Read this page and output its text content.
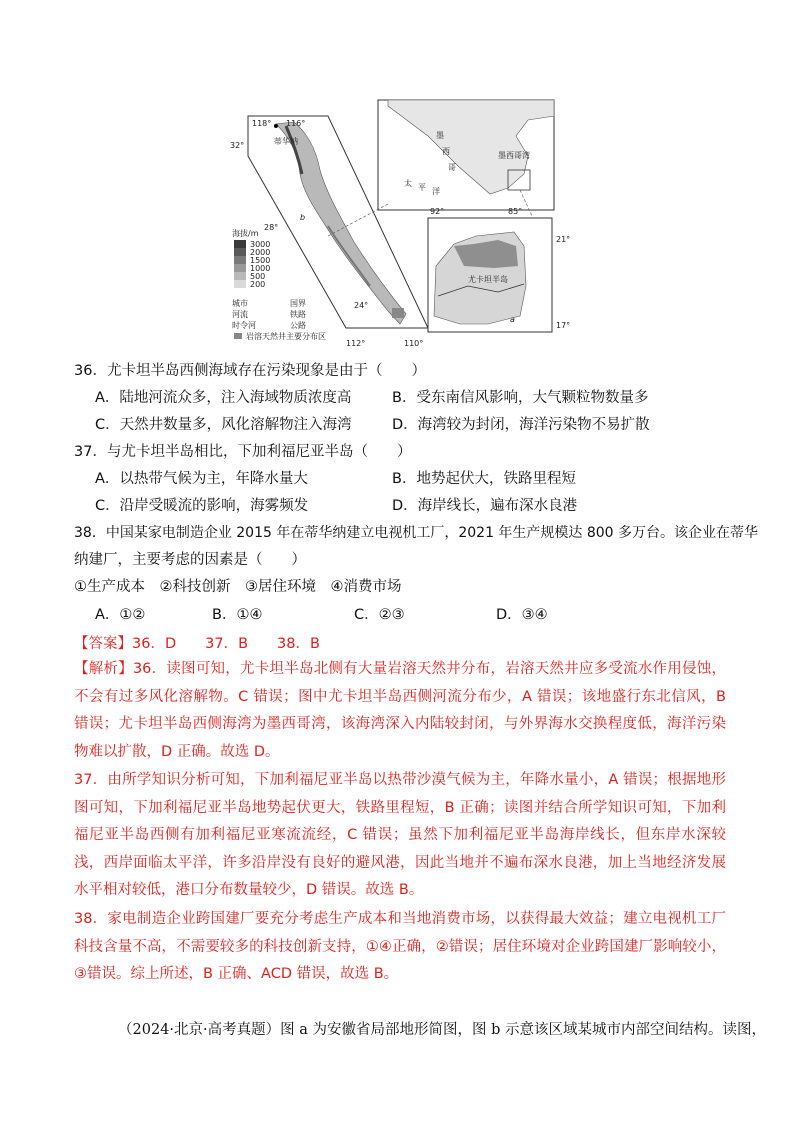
118° 116°
112°	110°
32°
28°
24°
蒂华纳
b
海拔/m
3000
2000
1500
1000
500
200
城市
河流
时令河
国界
铁路
公路
岩溶天然井主要分布区
墨
西
哥
墨西哥湾
太 平 洋
92°	85°
21°
17°
尤卡坦半岛
a
36．尤卡坦半岛西侧海域存在污染现象是由于（　　）
A．陆地河流众多，注入海域物质浓度高	B．受东南信风影响，大气颗粒物数量多
C．天然井数量多，风化溶解物注入海湾	D．海湾较为封闭，海洋污染物不易扩散
37．与尤卡坦半岛相比，下加利福尼亚半岛（　　）
A．以热带气候为主，年降水量大	B．地势起伏大，铁路里程短
C．沿岸受暖流的影响，海雾频发	D．海岸线长，遍布深水良港
38．中国某家电制造企业 2015 年在蒂华纳建立电视机工厂，2021 年生产规模达 800 多万台。该企业在蒂华
纳建厂，主要考虑的因素是（　　）
①生产成本　②科技创新　③居住环境　④消费市场
A．①②	B．①④	C．②③	D．③④
【答案】36．D　　37．B　　38．B
【解析】36．读图可知，尤卡坦半岛北侧有大量岩溶天然井分布，岩溶天然井应多受流水作用侵蚀，不会有过多风化溶解物。C 错误；图中尤卡坦半岛西侧河流分布少，A 错误；该地盛行东北信风，B 错误；尤卡坦半岛西侧海湾为墨西哥湾，该海湾深入内陆较封闭，与外界海水交换程度低，海洋污染物难以扩散，D 正确。故选 D。
37．由所学知识分析可知，下加利福尼亚半岛以热带沙漠气候为主，年降水量小，A 错误；根据地形图可知，下加利福尼亚半岛地势起伏更大，铁路里程短，B 正确；读图并结合所学知识可知，下加利福尼亚半岛西侧有加利福尼亚寒流流经，C 错误；虽然下加利福尼亚半岛海岸线长，但东岸水深较浅，西岸面临太平洋，许多沿岸没有良好的避风港，因此当地并不遍布深水良港，加上当地经济发展水平相对较低，港口分布数量较少，D 错误。故选 B。
38．家电制造企业跨国建厂要充分考虑生产成本和当地消费市场，以获得最大效益；建立电视机工厂科技含量不高，不需要较多的科技创新支持，①④正确，②错误；居住环境对企业跨国建厂影响较小，③错误。综上所述，B 正确、ACD 错误，故选 B。
（2024·北京·高考真题）图 a 为安徽省局部地形简图，图 b 示意该区域某城市内部空间结构。读图，
